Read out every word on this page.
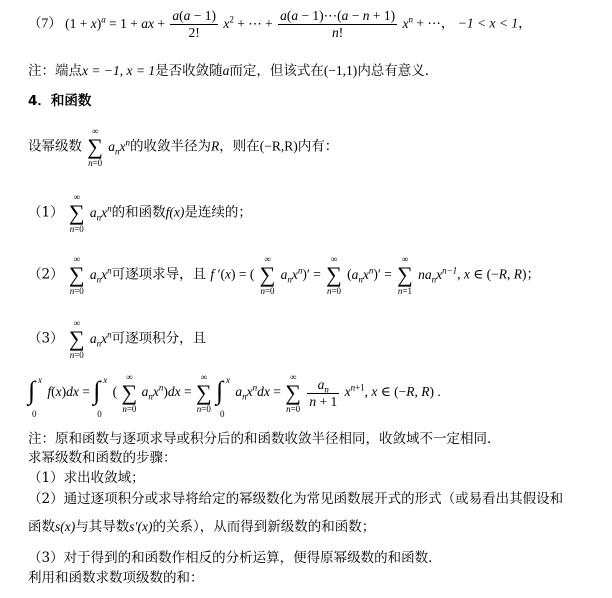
（7） $(1 + x)^a = 1$ + ax + $\frac{a(a - 1)}{2!} x^2$ + ⋯ + $\frac{a(a - 1)\cdots(a - n + 1)}{n!} x^n$ + ⋯， −1 < x < 1，
注：端点x = −1, x = 1是否收敛随a而定，但该式在(−1,1)内总有意义．
4．和函数
设幂级数
∞
∑
n=0
$a_nx^n$的收敛半径为R，则在(−R,R)内有：
（1）
∞
∑
n=0
$a_nx^n$的和函数f(x)是连续的；
（2）
∞
∑
n=0
$a_nx^n$可逐项求导，且 f ′(x) = (
∞
∑
n=0
$a_nx^n)'$ =
∞
∑
n=0
$(a_nx^n)'$ =
∞
∑
n=1
$na_nx^{n-1}$, x ∈ (−R, R)；
（3）
∞
∑
n=0
$a_nx^n$可逐项积分，且
x
∫
0
f(x)dx =
x
∫
0
(
∞
∑
n=0
$a_nx^n)dx$ =
∞
∑
n=0

x
∫
0
$a_nx^ndx$ =
∞
∑
n=0
$\frac{a_n}{n + 1} x^{n+1}$, x ∈ (−R, R) .
注：原和函数与逐项求导或积分后的和函数收敛半径相同，收敛域不一定相同．
求幂级数和函数的步骤：
（1）求出收敛域；
（2）通过逐项积分或求导将给定的幂级数化为常见函数展开式的形式（或易看出其假设和
函数s(x)与其导数s′(x)的关系），从而得到新级数的和函数；
（3）对于得到的和函数作相反的分析运算，便得原幂级数的和函数．
利用和函数求数项级数的和：
